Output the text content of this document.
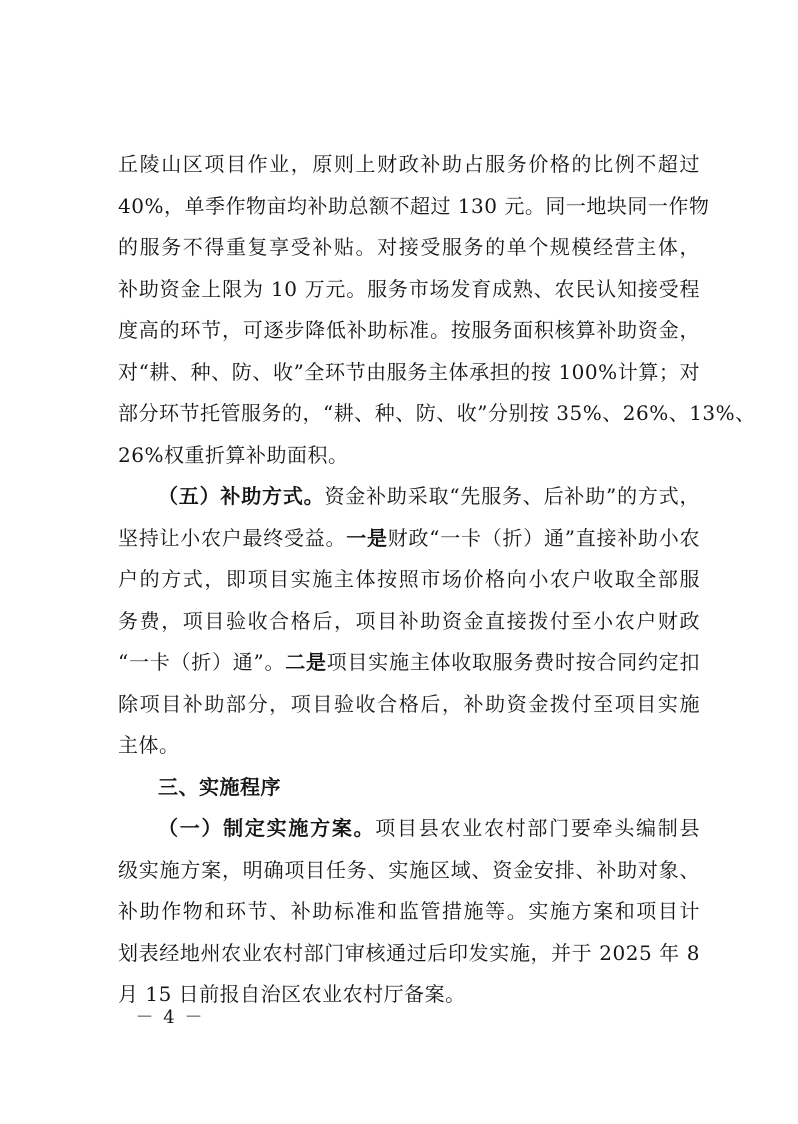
丘陵山区项目作业，原则上财政补助占服务价格的比例不超过
40%，单季作物亩均补助总额不超过 130 元。同一地块同一作物
的服务不得重复享受补贴。对接受服务的单个规模经营主体，
补助资金上限为 10 万元。服务市场发育成熟、农民认知接受程
度高的环节，可逐步降低补助标准。按服务面积核算补助资金，
对“耕、种、防、收”全环节由服务主体承担的按 100%计算；对
部分环节托管服务的，“耕、种、防、收”分别按 35%、26%、13%、
26%权重折算补助面积。
（五）补助方式。资金补助采取“先服务、后补助”的方式，
坚持让小农户最终受益。一是财政“一卡（折）通”直接补助小农
户的方式，即项目实施主体按照市场价格向小农户收取全部服
务费，项目验收合格后，项目补助资金直接拨付至小农户财政
“一卡（折）通”。二是项目实施主体收取服务费时按合同约定扣
除项目补助部分，项目验收合格后，补助资金拨付至项目实施
主体。
三、实施程序
（一）制定实施方案。项目县农业农村部门要牵头编制县
级实施方案，明确项目任务、实施区域、资金安排、补助对象、
补助作物和环节、补助标准和监管措施等。实施方案和项目计
划表经地州农业农村部门审核通过后印发实施，并于 2025 年 8
月 15 日前报自治区农业农村厅备案。
－ 4 －
